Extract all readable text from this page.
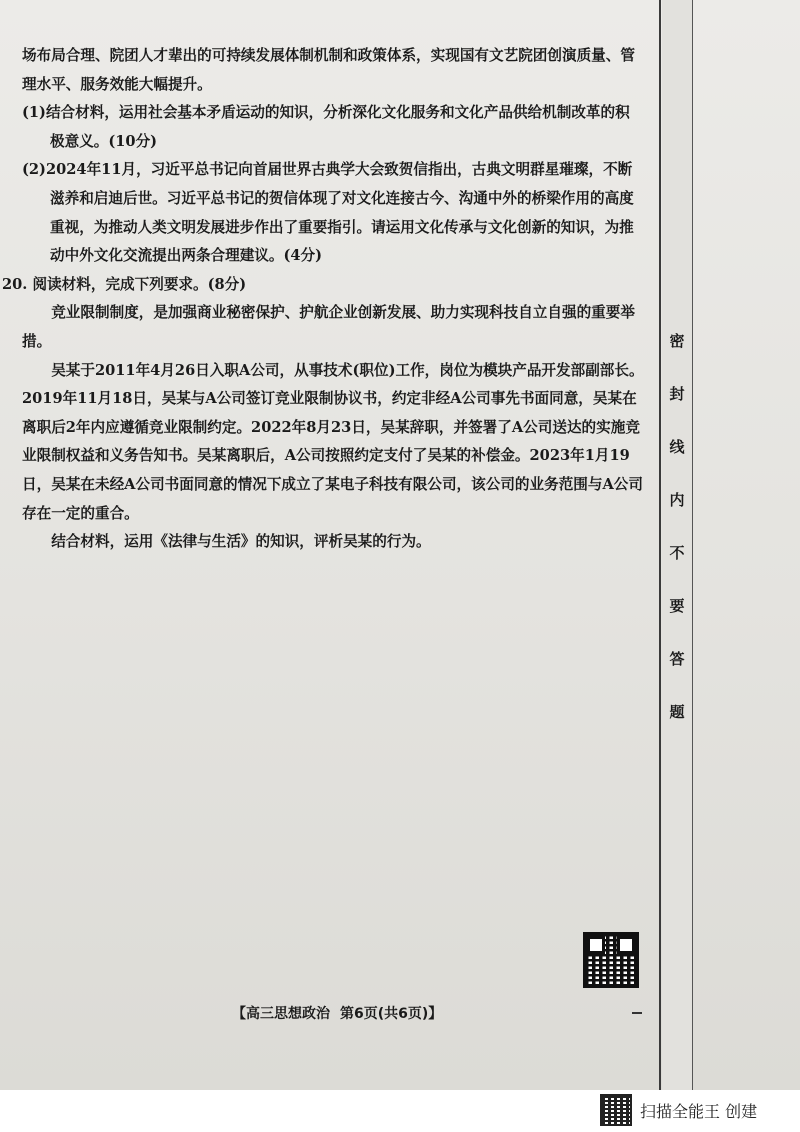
场布局合理、院团人才辈出的可持续发展体制机制和政策体系，实现国有文艺院团创演质量、管理水平、服务效能大幅提升。

(1)结合材料，运用社会基本矛盾运动的知识，分析深化文化服务和文化产品供给机制改革的积极意义。(10分)

(2)2024年11月，习近平总书记向首届世界古典学大会致贺信指出，古典文明群星璀璨，不断滋养和启迪后世。习近平总书记的贺信体现了对文化连接古今、沟通中外的桥梁作用的高度重视，为推动人类文明发展进步作出了重要指引。请运用文化传承与文化创新的知识，为推动中外文化交流提出两条合理建议。(4分)

20. 阅读材料，完成下列要求。(8分)

竞业限制制度，是加强商业秘密保护、护航企业创新发展、助力实现科技自立自强的重要举措。

吴某于2011年4月26日入职A公司，从事技术(职位)工作，岗位为模块产品开发部副部长。2019年11月18日，吴某与A公司签订竞业限制协议书，约定非经A公司事先书面同意，吴某在离职后2年内应遵循竞业限制约定。2022年8月23日，吴某辞职，并签署了A公司送达的实施竞业限制权益和义务告知书。吴某离职后，A公司按照约定支付了吴某的补偿金。2023年1月19日，吴某在未经A公司书面同意的情况下成立了某电子科技有限公司，该公司的业务范围与A公司存在一定的重合。

结合材料，运用《法律与生活》的知识，评析吴某的行为。

【高三思想政治 第6页(共6页)】
密
封
线
内
不
要
答
题
扫描全能王 创建
